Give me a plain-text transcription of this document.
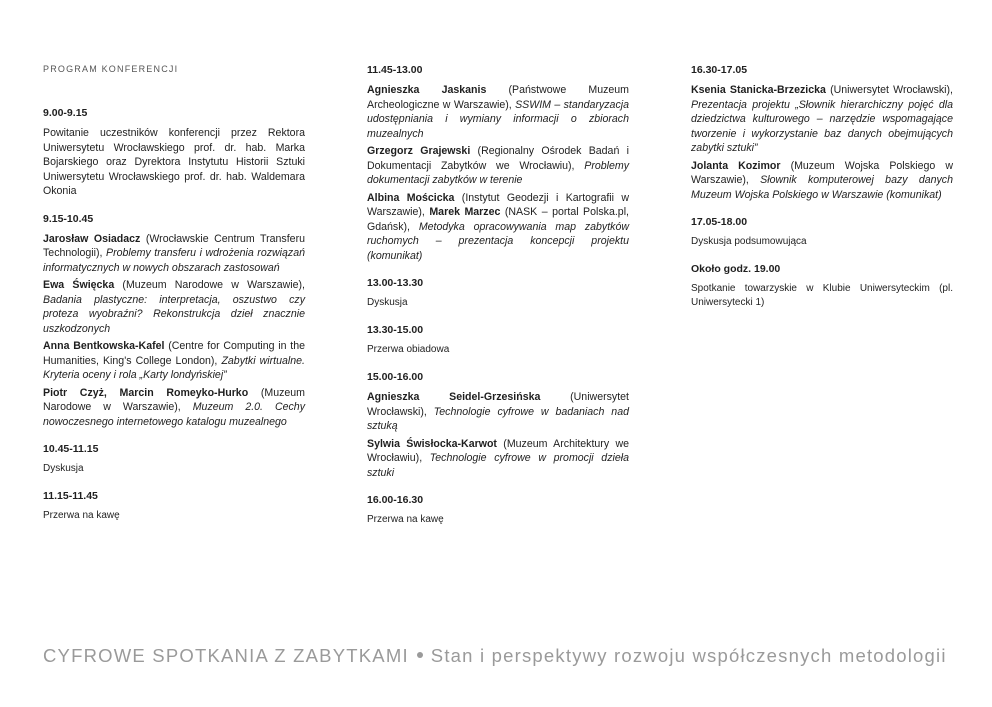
PROGRAM KONFERENCJI
9.00-9.15
Powitanie uczestników konferencji przez Rektora Uniwersytetu Wrocławskiego prof. dr. hab. Marka Bojarskiego oraz Dyrektora Instytutu Historii Sztuki Uniwersytetu Wrocławskiego prof. dr. hab. Waldemara Okonia
9.15-10.45

Jarosław Osiadacz (Wrocławskie Centrum Transferu Technologii), Problemy transferu i wdrożenia rozwiązań informatycznych w nowych obszarach zastosowań

Ewa Święcka (Muzeum Narodowe w Warszawie), Badania plastyczne: interpretacja, oszustwo czy proteza wyobraźni? Rekonstrukcja dzieł znacznie uszkodzonych

Anna Bentkowska-Kafel (Centre for Computing in the Humanities, King's College London), Zabytki wirtualne. Kryteria oceny i rola „Karty londyńskiej”

Piotr Czyż, Marcin Romeyko-Hurko (Muzeum Narodowe w Warszawie), Muzeum 2.0. Cechy nowoczesnego internetowego katalogu muzealnego

10.45-11.15
Dyskusja
11.15-11.45
Przerwa na kawę
11.45-13.00

Agnieszka Jaskanis (Państwowe Muzeum Archeologiczne w Warszawie), SSWIM – standaryzacja udostępniania i wymiany informacji o zbiorach muzealnych

Grzegorz Grajewski (Regionalny Ośrodek Badań i Dokumentacji Zabytków we Wrocławiu), Problemy dokumentacji zabytków w terenie

Albina Mościcka (Instytut Geodezji i Kartografii w Warszawie), Marek Marzec (NASK – portal Polska.pl, Gdańsk), Metodyka opracowywania map zabytków ruchomych – prezentacja koncepcji projektu (komunikat)

13.00-13.30
Dyskusja
13.30-15.00
Przerwa obiadowa
15.00-16.00

Agnieszka Seidel-Grzesińska (Uniwersytet Wrocławski), Technologie cyfrowe w badaniach nad sztuką

Sylwia Świsłocka-Karwot (Muzeum Architektury we Wrocławiu), Technologie cyfrowe w promocji dzieła sztuki

16.00-16.30
Przerwa na kawę
16.30-17.05

Ksenia Stanicka-Brzezicka (Uniwersytet Wrocławski), Prezentacja projektu „Słownik hierarchiczny pojęć dla dziedzictwa kulturowego – narzędzie wspomagające tworzenie i wykorzystanie baz danych obejmujących zabytki sztuki”

Jolanta Kozimor (Muzeum Wojska Polskiego w Warszawie), Słownik komputerowej bazy danych Muzeum Wojska Polskiego w Warszawie (komunikat)

17.05-18.00
Dyskusja podsumowująca
Około godz. 19.00
Spotkanie towarzyskie w Klubie Uniwersyteckim (pl. Uniwersytecki 1)
CYFROWE SPOTKANIA Z ZABYTKAMI Stan i perspektywy rozwoju współczesnych metodologii
